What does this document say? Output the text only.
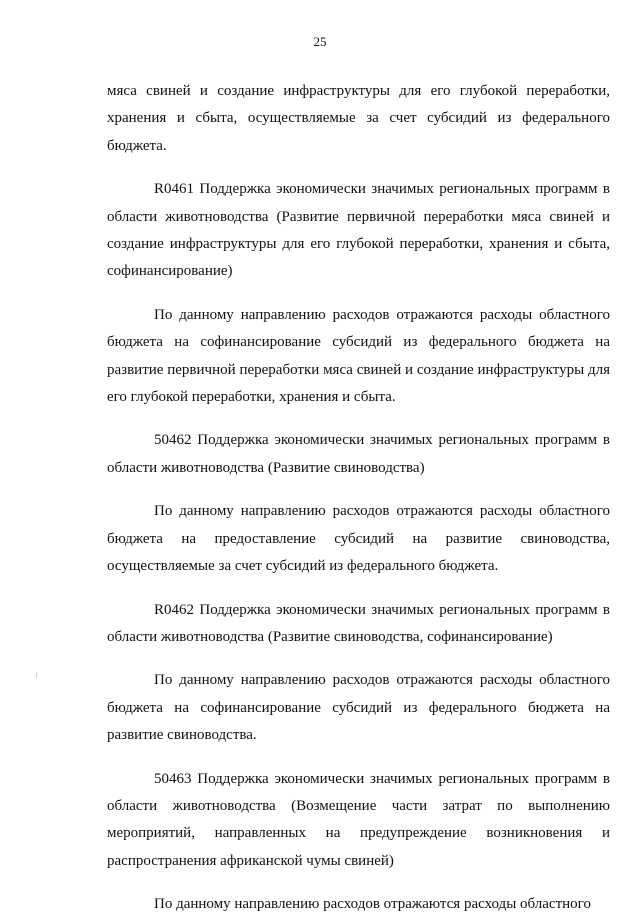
25

мяса свиней и создание инфраструктуры для его глубокой переработки, хранения и сбыта, осуществляемые за счет субсидий из федерального бюджета.

R0461 Поддержка экономически значимых региональных программ в области животноводства (Развитие первичной переработки мяса свиней и создание инфраструктуры для его глубокой переработки, хранения и сбыта, софинансирование)

По данному направлению расходов отражаются расходы областного бюджета на софинансирование субсидий из федерального бюджета на развитие первичной переработки мяса свиней и создание инфраструктуры для его глубокой переработки, хранения и сбыта.

50462 Поддержка экономически значимых региональных программ в области животноводства (Развитие свиноводства)

По данному направлению расходов отражаются расходы областного бюджета на предоставление субсидий на развитие свиноводства, осуществляемые за счет субсидий из федерального бюджета.

R0462 Поддержка экономически значимых региональных программ в области животноводства (Развитие свиноводства, софинансирование)

По данному направлению расходов отражаются расходы областного бюджета на софинансирование субсидий из федерального бюджета на развитие свиноводства.

50463 Поддержка экономически значимых региональных программ в области животноводства (Возмещение части затрат по выполнению мероприятий, направленных на предупреждение возникновения и распространения африканской чумы свиней)

По данному направлению расходов отражаются расходы областного
